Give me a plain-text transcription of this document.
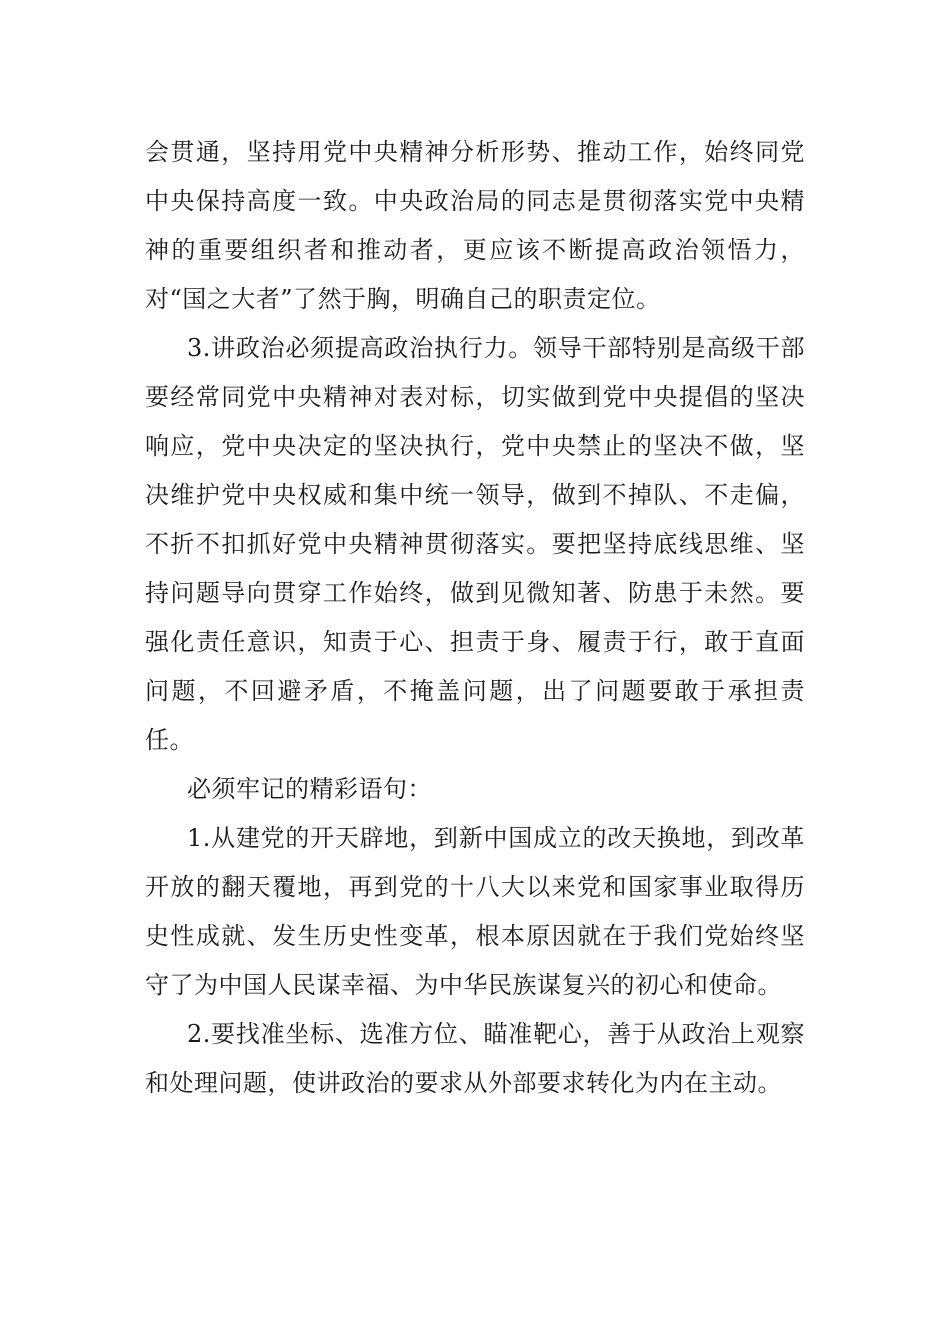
会贯通，坚持用党中央精神分析形势、推动工作，始终同党中央保持高度一致。中央政治局的同志是贯彻落实党中央精神的重要组织者和推动者，更应该不断提高政治领悟力，对“国之大者”了然于胸，明确自己的职责定位。

3.讲政治必须提高政治执行力。领导干部特别是高级干部要经常同党中央精神对表对标，切实做到党中央提倡的坚决响应，党中央决定的坚决执行，党中央禁止的坚决不做，坚决维护党中央权威和集中统一领导，做到不掉队、不走偏，不折不扣抓好党中央精神贯彻落实。要把坚持底线思维、坚持问题导向贯穿工作始终，做到见微知著、防患于未然。要强化责任意识，知责于心、担责于身、履责于行，敢于直面问题，不回避矛盾，不掩盖问题，出了问题要敢于承担责任。

必须牢记的精彩语句：

1.从建党的开天辟地，到新中国成立的改天换地，到改革开放的翻天覆地，再到党的十八大以来党和国家事业取得历史性成就、发生历史性变革，根本原因就在于我们党始终坚守了为中国人民谋幸福、为中华民族谋复兴的初心和使命。

2.要找准坐标、选准方位、瞄准靶心，善于从政治上观察和处理问题，使讲政治的要求从外部要求转化为内在主动。
